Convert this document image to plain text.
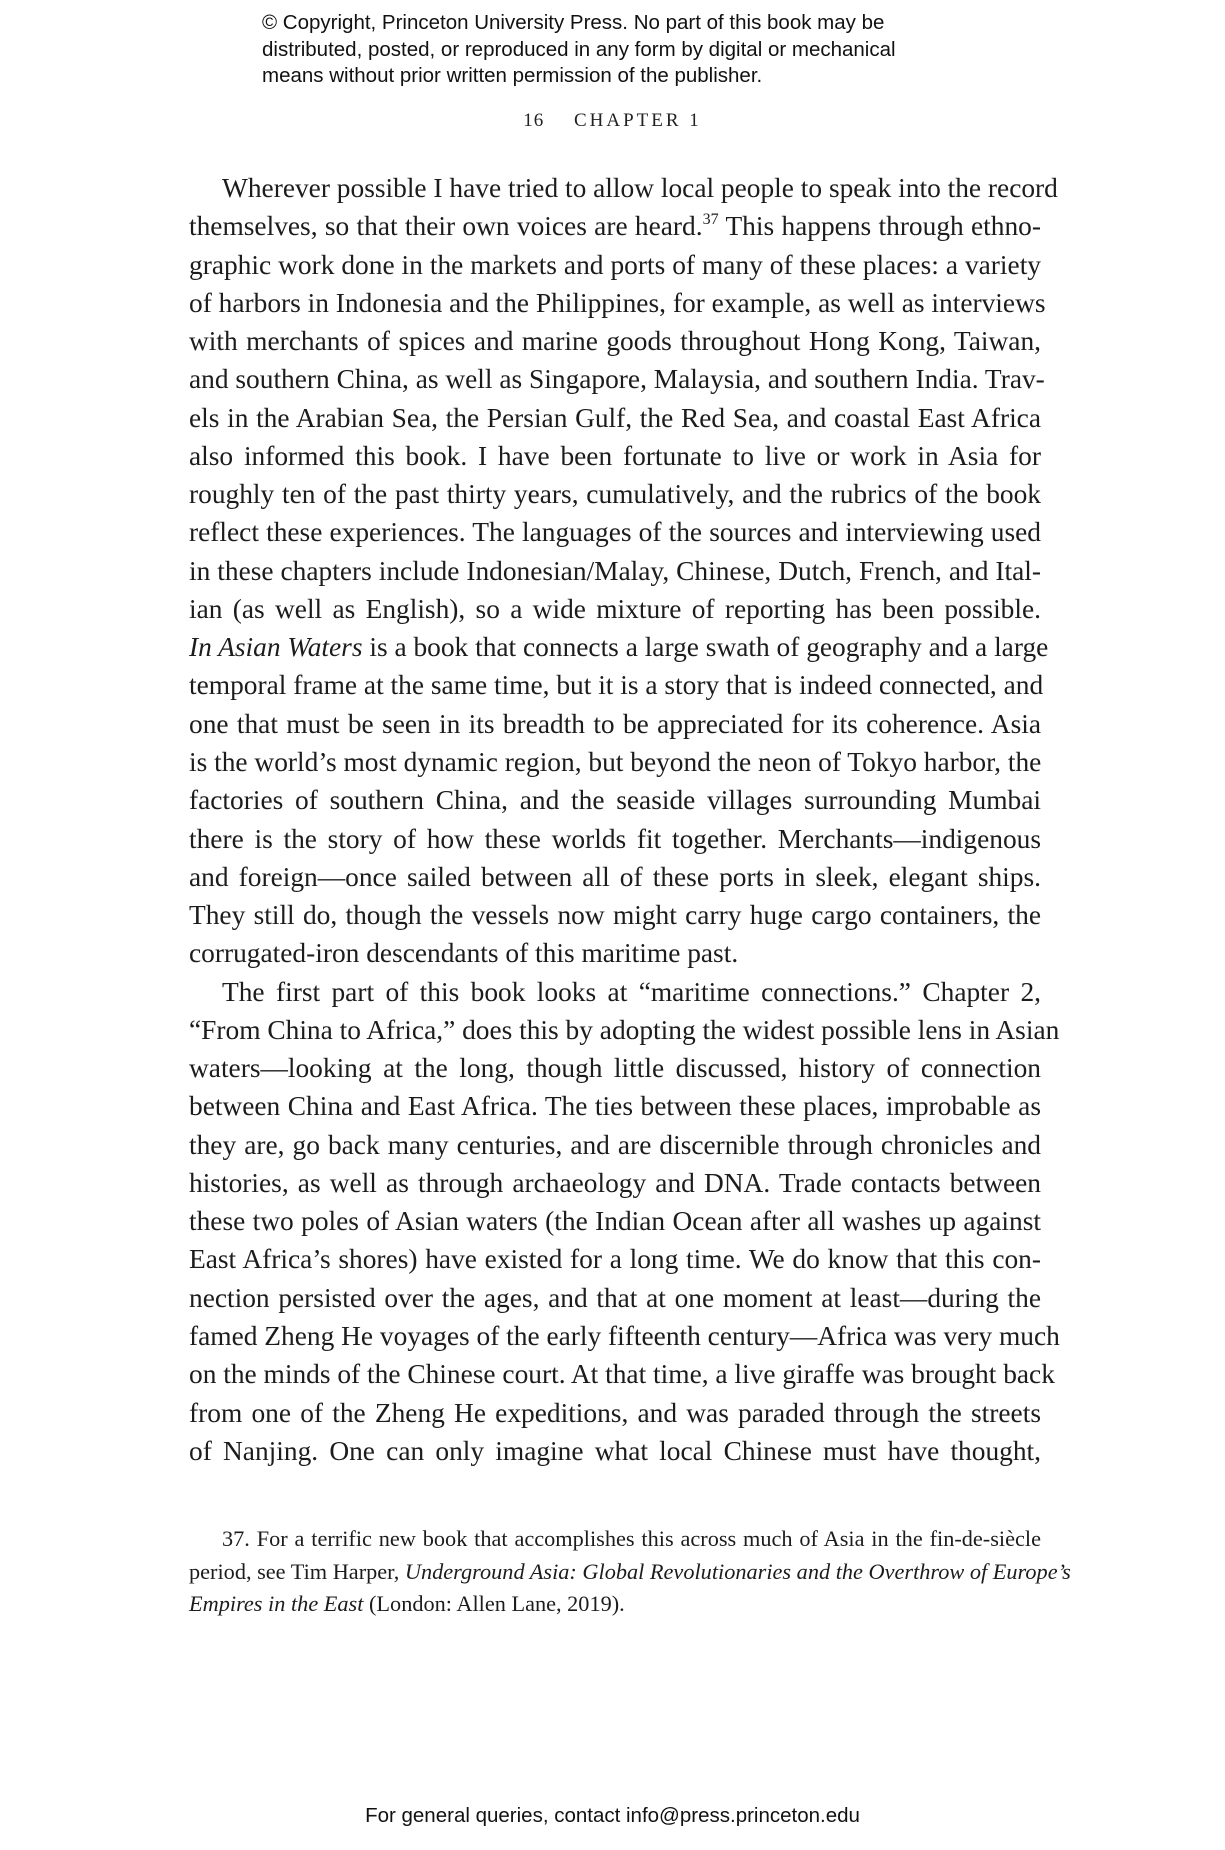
© Copyright, Princeton University Press. No part of this book may be
distributed, posted, or reproduced in any form by digital or mechanical
means without prior written permission of the publisher.
16 CHAPTER 1
Wherever possible I have tried to allow local people to speak into the record
themselves, so that their own voices are heard.$^{37}$ This happens through ethno-
graphic work done in the markets and ports of many of these places: a variety
of harbors in Indonesia and the Philippines, for example, as well as interviews
with merchants of spices and marine goods throughout Hong Kong, Taiwan,
and southern China, as well as Singapore, Malaysia, and southern India. Trav-
els in the Arabian Sea, the Persian Gulf, the Red Sea, and coastal East Africa
also informed this book. I have been fortunate to live or work in Asia for
roughly ten of the past thirty years, cumulatively, and the rubrics of the book
reflect these experiences. The languages of the sources and interviewing used
in these chapters include Indonesian/Malay, Chinese, Dutch, French, and Ital-
ian (as well as English), so a wide mixture of reporting has been possible.
In Asian Waters is a book that connects a large swath of geography and a large
temporal frame at the same time, but it is a story that is indeed connected, and
one that must be seen in its breadth to be appreciated for its coherence. Asia
is the world’s most dynamic region, but beyond the neon of Tokyo harbor, the
factories of southern China, and the seaside villages surrounding Mumbai
there is the story of how these worlds fit together. Merchants—indigenous
and foreign—once sailed between all of these ports in sleek, elegant ships.
They still do, though the vessels now might carry huge cargo containers, the
corrugated-iron descendants of this maritime past.
The first part of this book looks at “maritime connections.” Chapter 2,
“From China to Africa,” does this by adopting the widest possible lens in Asian
waters—looking at the long, though little discussed, history of connection
between China and East Africa. The ties between these places, improbable as
they are, go back many centuries, and are discernible through chronicles and
histories, as well as through archaeology and DNA. Trade contacts between
these two poles of Asian waters (the Indian Ocean after all washes up against
East Africa’s shores) have existed for a long time. We do know that this con-
nection persisted over the ages, and that at one moment at least—during the
famed Zheng He voyages of the early fifteenth century—Africa was very much
on the minds of the Chinese court. At that time, a live giraffe was brought back
from one of the Zheng He expeditions, and was paraded through the streets
of Nanjing. One can only imagine what local Chinese must have thought,
37. For a terrific new book that accomplishes this across much of Asia in the fin-de-siècle
period, see Tim Harper, Underground Asia: Global Revolutionaries and the Overthrow of Europe’s
Empires in the East (London: Allen Lane, 2019).
For general queries, contact info@press.princeton.edu
